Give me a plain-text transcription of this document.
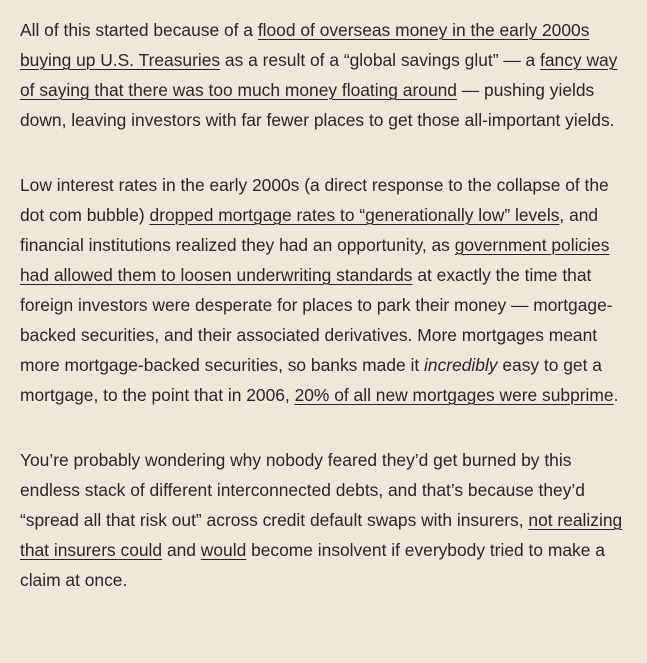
All of this started because of a flood of overseas money in the early 2000s buying up U.S. Treasuries as a result of a “global savings glut” — a fancy way of saying that there was too much money floating around — pushing yields down, leaving investors with far fewer places to get those all-important yields.

Low interest rates in the early 2000s (a direct response to the collapse of the dot com bubble) dropped mortgage rates to “generationally low” levels, and financial institutions realized they had an opportunity, as government policies had allowed them to loosen underwriting standards at exactly the time that foreign investors were desperate for places to park their money — mortgage-backed securities, and their associated derivatives. More mortgages meant more mortgage-backed securities, so banks made it incredibly easy to get a mortgage, to the point that in 2006, 20% of all new mortgages were subprime.

You’re probably wondering why nobody feared they’d get burned by this endless stack of different interconnected debts, and that’s because they’d “spread all that risk out” across credit default swaps with insurers, not realizing that insurers could and would become insolvent if everybody tried to make a claim at once.
